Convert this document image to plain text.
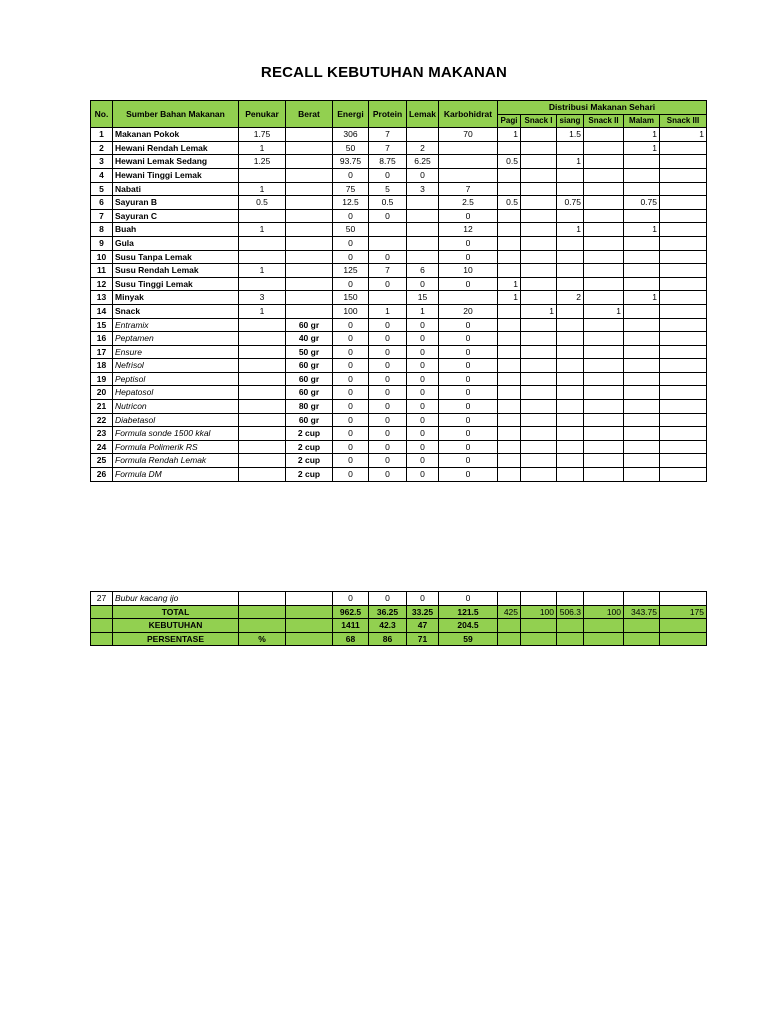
RECALL KEBUTUHAN MAKANAN
No.	Sumber Bahan Makanan	Penukar	Berat	Energi	Protein	Lemak	Karbohidrat	Distribusi Makanan Sehari					
								Pagi	Snack I	siang	Snack II	Malam	Snack III
1	Makanan Pokok	1.75		306	7		70	1		1.5		1	1
2	Hewani Rendah Lemak	1		50	7	2						1	
3	Hewani Lemak Sedang	1.25		93.75	8.75	6.25		0.5		1			
4	Hewani Tinggi Lemak			0	0	0							
5	Nabati	1		75	5	3	7						
6	Sayuran B	0.5		12.5	0.5		2.5	0.5		0.75		0.75	
7	Sayuran C			0	0		0						
8	Buah	1		50			12			1		1	
9	Gula			0			0						
10	Susu Tanpa Lemak			0	0		0						
11	Susu Rendah Lemak	1		125	7	6	10						
12	Susu Tinggi Lemak			0	0	0	0	1					
13	Minyak	3		150		15		1		2		1	
14	Snack	1		100	1	1	20		1		1		
15	Entramix		60 gr	0	0	0	0						
16	Peptamen		40 gr	0	0	0	0						
17	Ensure		50 gr	0	0	0	0						
18	Nefrisol		60 gr	0	0	0	0						
19	Peptisol		60 gr	0	0	0	0						
20	Hepatosol		60 gr	0	0	0	0						
21	Nutricon		80 gr	0	0	0	0						
22	Diabetasol		60 gr	0	0	0	0						
23	Formula sonde 1500 kkal		2 cup	0	0	0	0						
24	Formula Polimerik RS		2 cup	0	0	0	0						
25	Formula Rendah Lemak		2 cup	0	0	0	0						
26	Formula DM		2 cup	0	0	0	0						
27	Bubur kacang ijo			0	0	0	0						
	TOTAL			962.5	36.25	33.25	121.5	425	100	506.3	100	343.75	175
	KEBUTUHAN			1411	42.3	47	204.5						
	PERSENTASE	%		68	86	71	59						
